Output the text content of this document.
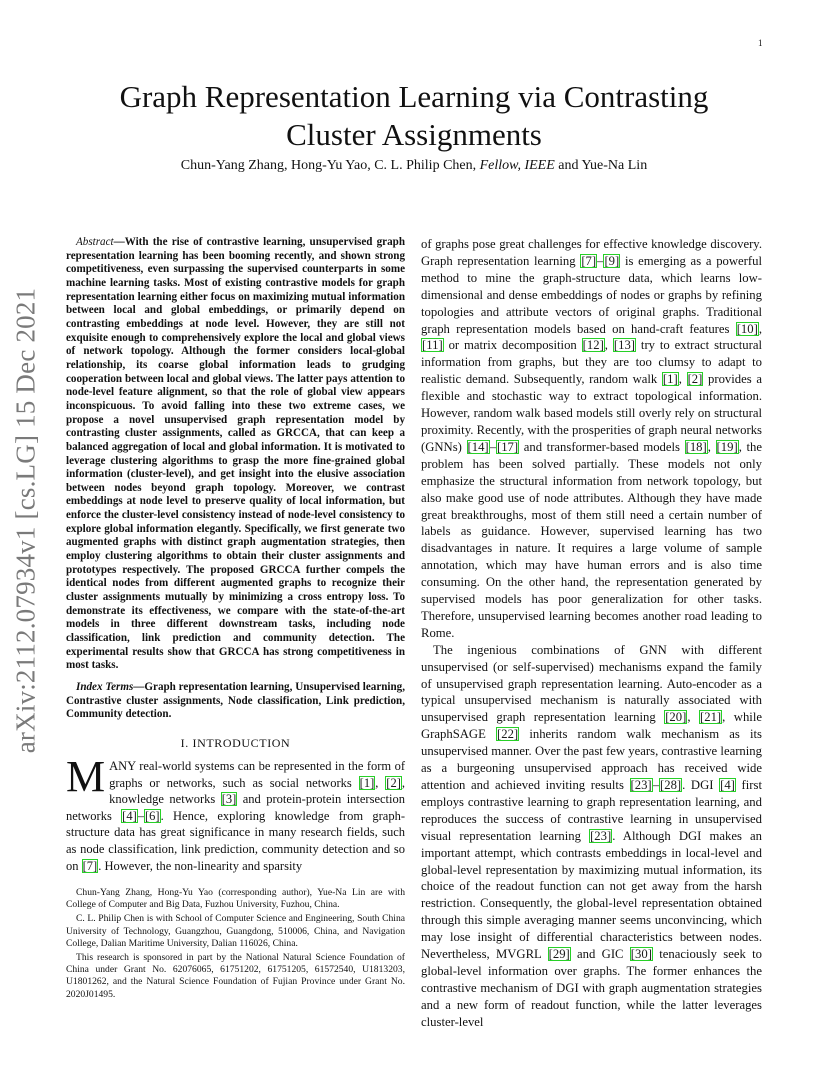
1
arXiv:2112.07934v1 [cs.LG] 15 Dec 2021
Graph Representation Learning via Contrasting Cluster Assignments
Chun-Yang Zhang, Hong-Yu Yao, C. L. Philip Chen, Fellow, IEEE and Yue-Na Lin

Abstract—With the rise of contrastive learning, unsupervised graph representation learning has been booming recently, and shown strong competitiveness, even surpassing the supervised counterparts in some machine learning tasks. Most of existing contrastive models for graph representation learning either focus on maximizing mutual information between local and global embeddings, or primarily depend on contrasting embeddings at node level. However, they are still not exquisite enough to comprehensively explore the local and global views of network topology. Although the former considers local-global relationship, its coarse global information leads to grudging cooperation between local and global views. The latter pays attention to node-level feature alignment, so that the role of global view appears inconspicuous. To avoid falling into these two extreme cases, we propose a novel unsupervised graph representation model by contrasting cluster assignments, called as GRCCA, that can keep a balanced aggregation of local and global information. It is motivated to leverage clustering algorithms to grasp the more fine-grained global information (cluster-level), and get insight into the elusive association between nodes beyond graph topology. Moreover, we contrast embeddings at node level to preserve quality of local information, but enforce the cluster-level consistency instead of node-level consistency to explore global information elegantly. Specifically, we first generate two augmented graphs with distinct graph augmentation strategies, then employ clustering algorithms to obtain their cluster assignments and prototypes respectively. The proposed GRCCA further compels the identical nodes from different augmented graphs to recognize their cluster assignments mutually by minimizing a cross entropy loss. To demonstrate its effectiveness, we compare with the state-of-the-art models in three different downstream tasks, including node classification, link prediction and community detection. The experimental results show that GRCCA has strong competitiveness in most tasks.

Index Terms—Graph representation learning, Unsupervised learning, Contrastive cluster assignments, Node classification, Link prediction, Community detection.

I. INTRODUCTION

MANY real-world systems can be represented in the form of graphs or networks, such as social networks [1], [2], knowledge networks [3] and protein-protein intersection networks [4]–[6]. Hence, exploring knowledge from graph-structure data has great significance in many research fields, such as node classification, link prediction, community detection and so on [7]. However, the non-linearity and sparsity

Chun-Yang Zhang, Hong-Yu Yao (corresponding author), Yue-Na Lin are with College of Computer and Big Data, Fuzhou University, Fuzhou, China.

C. L. Philip Chen is with School of Computer Science and Engineering, South China University of Technology, Guangzhou, Guangdong, 510006, China, and Navigation College, Dalian Maritime University, Dalian 116026, China.

This research is sponsored in part by the National Natural Science Foundation of China under Grant No. 62076065, 61751202, 61751205, 61572540, U1813203, U1801262, and the Natural Science Foundation of Fujian Province under Grant No. 2020J01495.

of graphs pose great challenges for effective knowledge discovery. Graph representation learning [7]–[9] is emerging as a powerful method to mine the graph-structure data, which learns low-dimensional and dense embeddings of nodes or graphs by refining topologies and attribute vectors of original graphs. Traditional graph representation models based on hand-craft features [10], [11] or matrix decomposition [12], [13] try to extract structural information from graphs, but they are too clumsy to adapt to realistic demand. Subsequently, random walk [1], [2] provides a flexible and stochastic way to extract topological information. However, random walk based models still overly rely on structural proximity. Recently, with the prosperities of graph neural networks (GNNs) [14]–[17] and transformer-based models [18], [19], the problem has been solved partially. These models not only emphasize the structural information from network topology, but also make good use of node attributes. Although they have made great breakthroughs, most of them still need a certain number of labels as guidance. However, supervised learning has two disadvantages in nature. It requires a large volume of sample annotation, which may have human errors and is also time consuming. On the other hand, the representation generated by supervised models has poor generalization for other tasks. Therefore, unsupervised learning becomes another road leading to Rome.

The ingenious combinations of GNN with different unsupervised (or self-supervised) mechanisms expand the family of unsupervised graph representation learning. Auto-encoder as a typical unsupervised mechanism is naturally associated with unsupervised graph representation learning [20], [21], while GraphSAGE [22] inherits random walk mechanism as its unsupervised manner. Over the past few years, contrastive learning as a burgeoning unsupervised approach has received wide attention and achieved inviting results [23]–[28]. DGI [4] first employs contrastive learning to graph representation learning, and reproduces the success of contrastive learning in unsupervised visual representation learning [23]. Although DGI makes an important attempt, which contrasts embeddings in local-level and global-level representation by maximizing mutual information, its choice of the readout function can not get away from the harsh restriction. Consequently, the global-level representation obtained through this simple averaging manner seems unconvincing, which may lose insight of differential characteristics between nodes. Nevertheless, MVGRL [29] and GIC [30] tenaciously seek to global-level information over graphs. The former enhances the contrastive mechanism of DGI with graph augmentation strategies and a new form of readout function, while the latter leverages cluster-level
